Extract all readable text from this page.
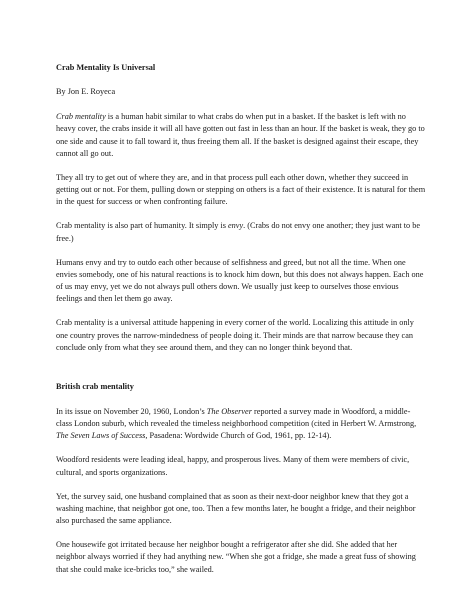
Crab Mentality Is Universal
By Jon E. Royeca

Crab mentality is a human habit similar to what crabs do when put in a basket. If the basket is left with no heavy cover, the crabs inside it will all have gotten out fast in less than an hour. If the basket is weak, they go to one side and cause it to fall toward it, thus freeing them all. If the basket is designed against their escape, they cannot all go out.

They all try to get out of where they are, and in that process pull each other down, whether they succeed in getting out or not. For them, pulling down or stepping on others is a fact of their existence. It is natural for them in the quest for success or when confronting failure.

Crab mentality is also part of humanity. It simply is envy. (Crabs do not envy one another; they just want to be free.)

Humans envy and try to outdo each other because of selfishness and greed, but not all the time. When one envies somebody, one of his natural reactions is to knock him down, but this does not always happen. Each one of us may envy, yet we do not always pull others down. We usually just keep to ourselves those envious feelings and then let them go away.

Crab mentality is a universal attitude happening in every corner of the world. Localizing this attitude in only one country proves the narrow-mindedness of people doing it. Their minds are that narrow because they can conclude only from what they see around them, and they can no longer think beyond that.

British crab mentality

In its issue on November 20, 1960, London’s The Observer reported a survey made in Woodford, a middle-class London suburb, which revealed the timeless neighborhood competition (cited in Herbert W. Armstrong, The Seven Laws of Success, Pasadena: Wordwide Church of God, 1961, pp. 12-14).

Woodford residents were leading ideal, happy, and prosperous lives. Many of them were members of civic, cultural, and sports organizations.

Yet, the survey said, one husband complained that as soon as their next-door neighbor knew that they got a washing machine, that neighbor got one, too. Then a few months later, he bought a fridge, and their neighbor also purchased the same appliance.

One housewife got irritated because her neighbor bought a refrigerator after she did. She added that her neighbor always worried if they had anything new. “When she got a fridge, she made a great fuss of showing that she could make ice-bricks too,” she wailed.
